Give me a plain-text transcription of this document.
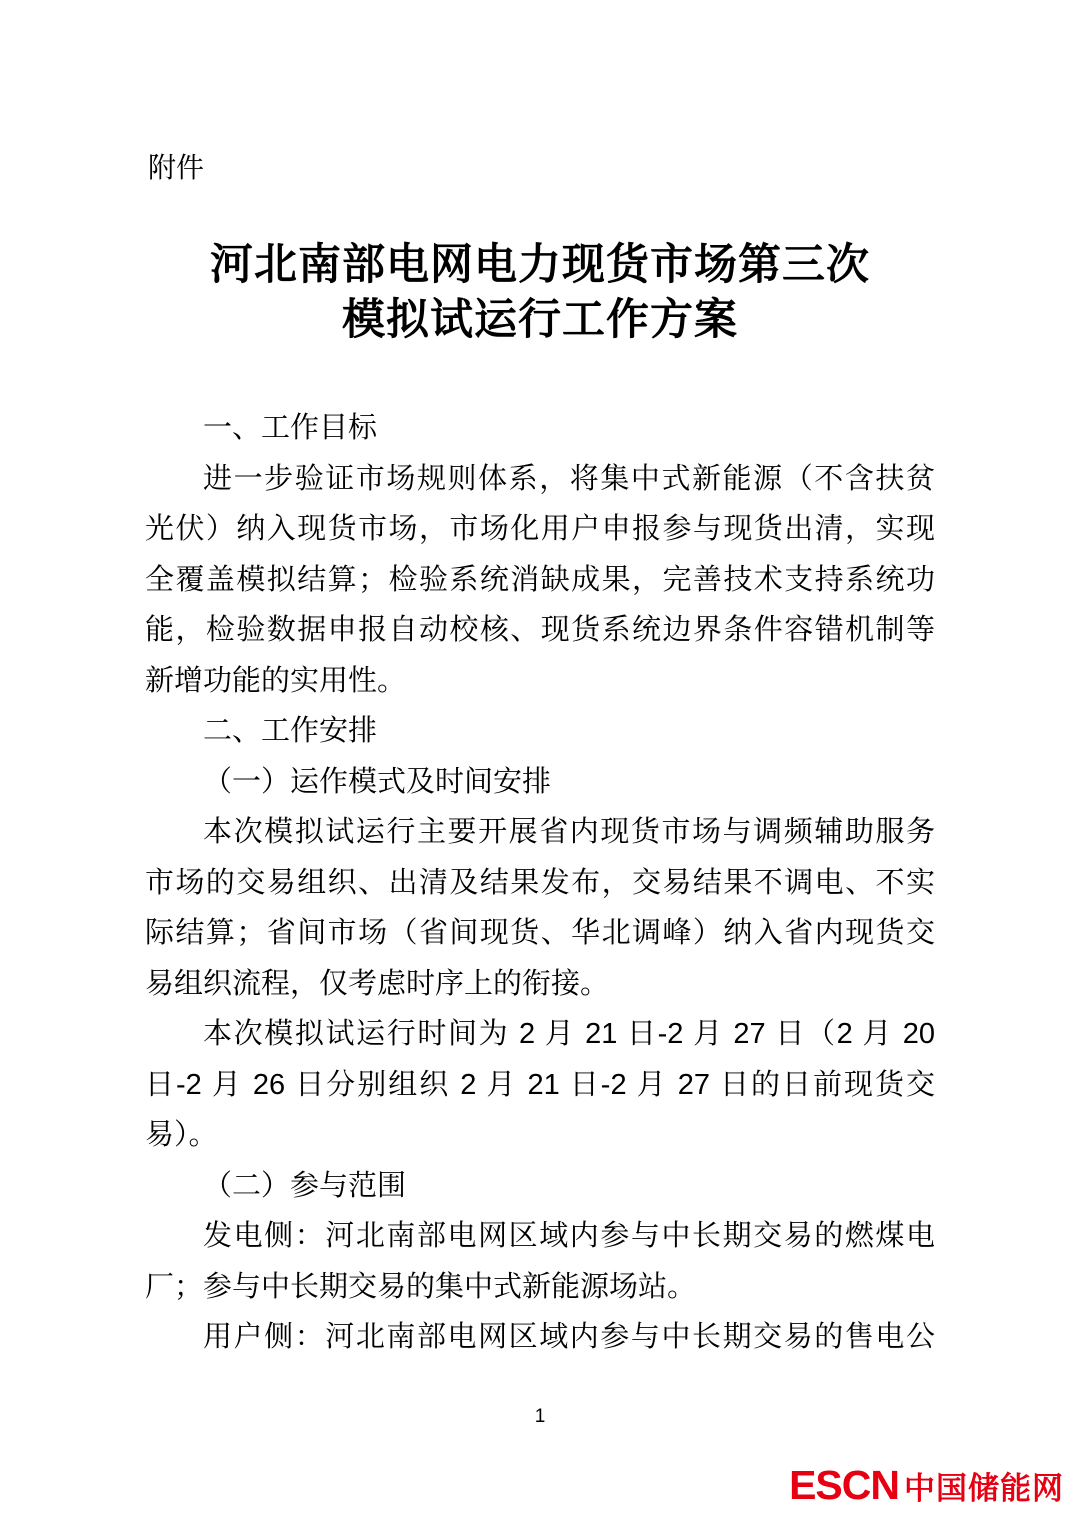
附件
河北南部电网电力现货市场第三次
模拟试运行工作方案
一、工作目标
进一步验证市场规则体系，将集中式新能源（不含扶贫
光伏）纳入现货市场，市场化用户申报参与现货出清，实现
全覆盖模拟结算；检验系统消缺成果，完善技术支持系统功
能，检验数据申报自动校核、现货系统边界条件容错机制等
新增功能的实用性。
二、工作安排
（一）运作模式及时间安排
本次模拟试运行主要开展省内现货市场与调频辅助服务
市场的交易组织、出清及结果发布，交易结果不调电、不实
际结算；省间市场（省间现货、华北调峰）纳入省内现货交
易组织流程，仅考虑时序上的衔接。
本次模拟试运行时间为 2 月 21 日-2 月 27 日（2 月 20
日-2 月 26 日分别组织 2 月 21 日-2 月 27 日的日前现货交
易）。
（二）参与范围
发电侧：河北南部电网区域内参与中长期交易的燃煤电
厂；参与中长期交易的集中式新能源场站。
用户侧：河北南部电网区域内参与中长期交易的售电公
1
ESCN 中国储能网
